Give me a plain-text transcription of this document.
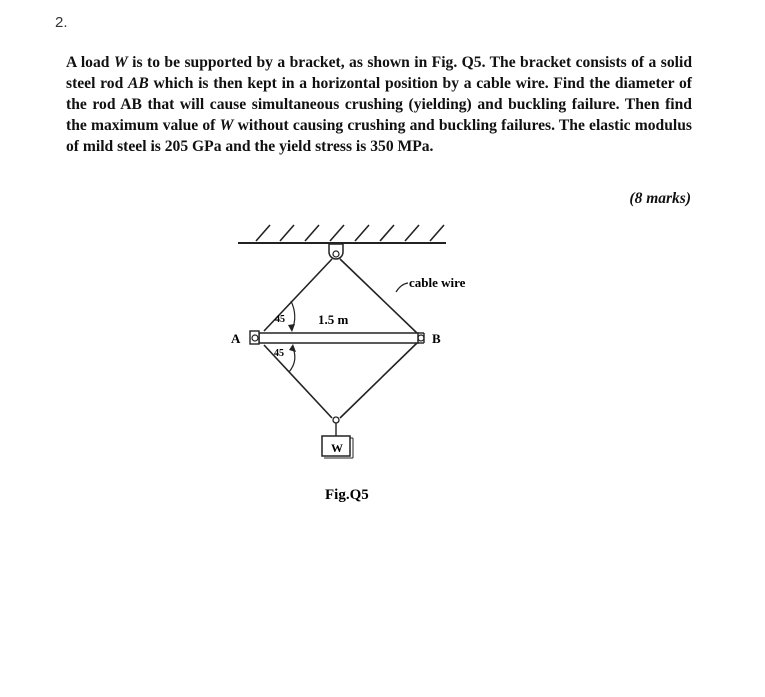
2.

A load W is to be supported by a bracket, as shown in Fig. Q5. The bracket consists of a solid steel rod AB which is then kept in a horizontal position by a cable wire. Find the diameter of the rod AB that will cause simultaneous crushing (yielding) and buckling failure. Then find the maximum value of W without causing crushing and buckling failures. The elastic modulus of mild steel is 205 GPa and the yield stress is 350 MPa.

(8 marks)
cable wire
1.5 m
A	B
45
45
W
Fig.Q5
